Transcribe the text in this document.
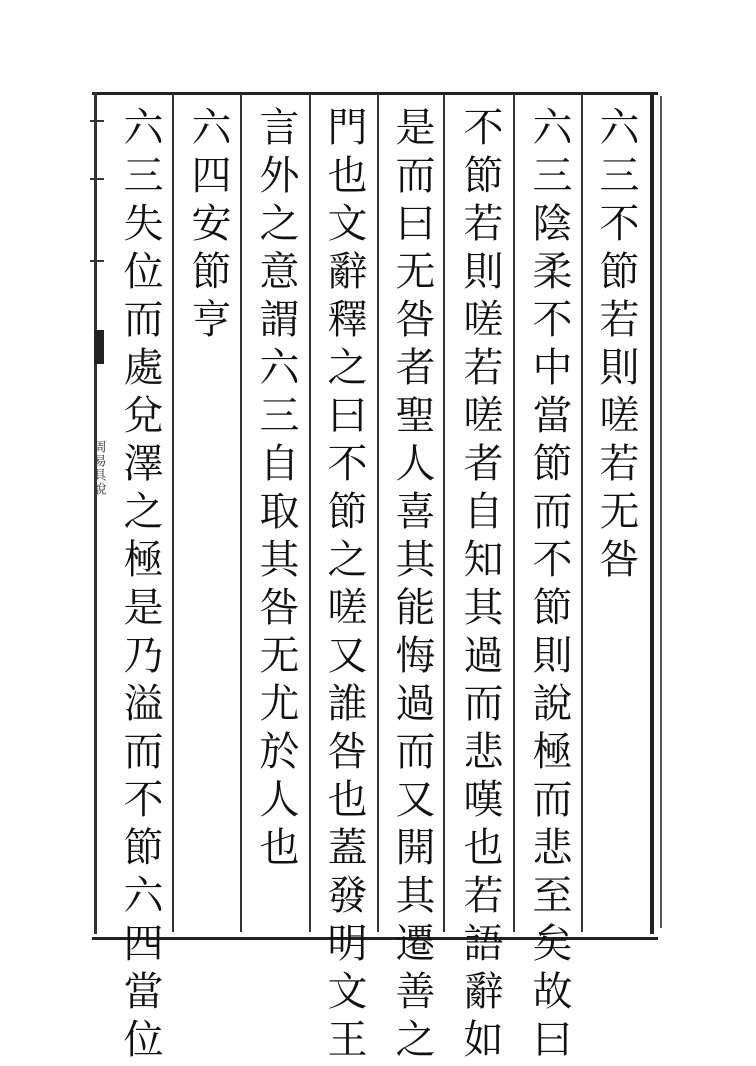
周易具說	六三不節若則嗟若无咎
六三陰柔不中當節而不節則說極而悲至矣故曰
不節若則嗟若嗟者自知其過而悲嘆也若語辭如
是而曰无咎者聖人喜其能悔過而又開其遷善之
門也文辭釋之曰不節之嗟又誰咎也蓋發明文王
言外之意謂六三自取其咎无尤於人也
六四安節亨
六三失位而處兌澤之極是乃溢而不節六四當位
